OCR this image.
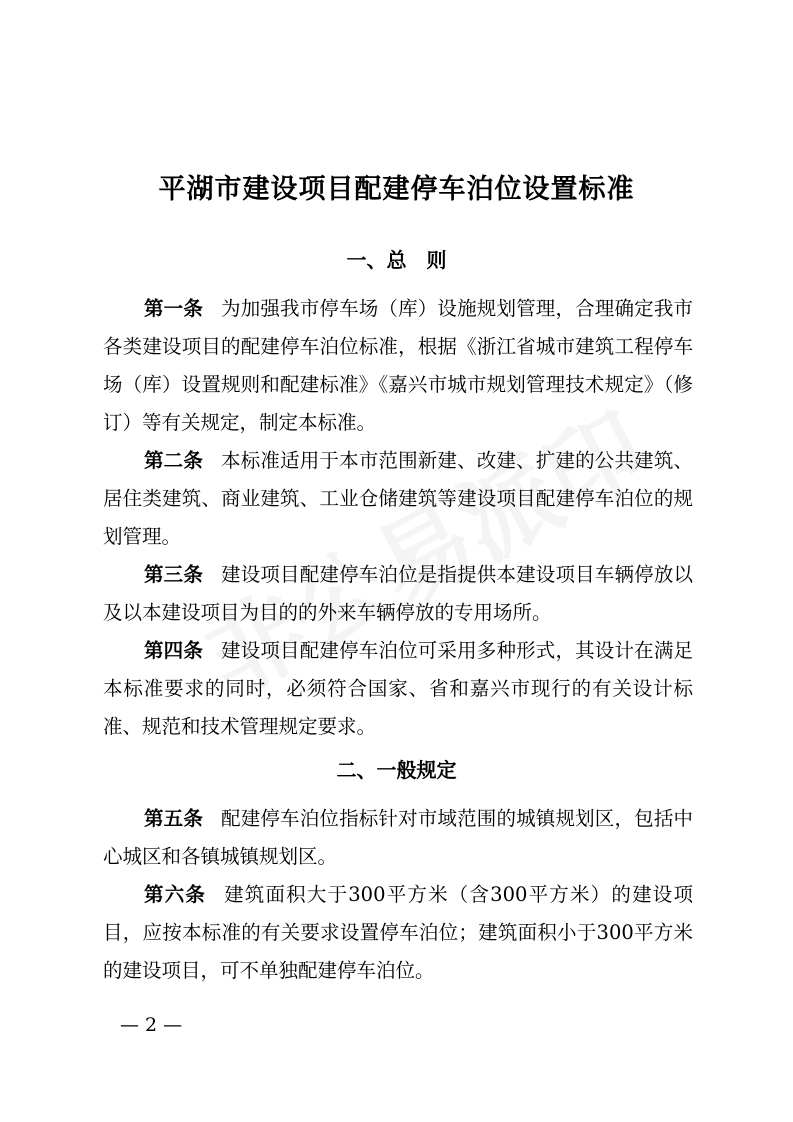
平湖市建设项目配建停车泊位设置标准
一、总　则

第一条 为加强我市停车场（库）设施规划管理，合理确定我市各类建设项目的配建停车泊位标准，根据《浙江省城市建筑工程停车场（库）设置规则和配建标准》《嘉兴市城市规划管理技术规定》（修订）等有关规定，制定本标准。

第二条 本标准适用于本市范围新建、改建、扩建的公共建筑、居住类建筑、商业建筑、工业仓储建筑等建设项目配建停车泊位的规划管理。

第三条 建设项目配建停车泊位是指提供本建设项目车辆停放以及以本建设项目为目的的外来车辆停放的专用场所。

第四条 建设项目配建停车泊位可采用多种形式，其设计在满足本标准要求的同时，必须符合国家、省和嘉兴市现行的有关设计标准、规范和技术管理规定要求。

二、一般规定

第五条 配建停车泊位指标针对市域范围的城镇规划区，包括中心城区和各镇城镇规划区。

第六条 建筑面积大于300平方米（含300平方米）的建设项目，应按本标准的有关要求设置停车泊位；建筑面积小于300平方米的建设项目，可不单独配建停车泊位。

— 2 —
